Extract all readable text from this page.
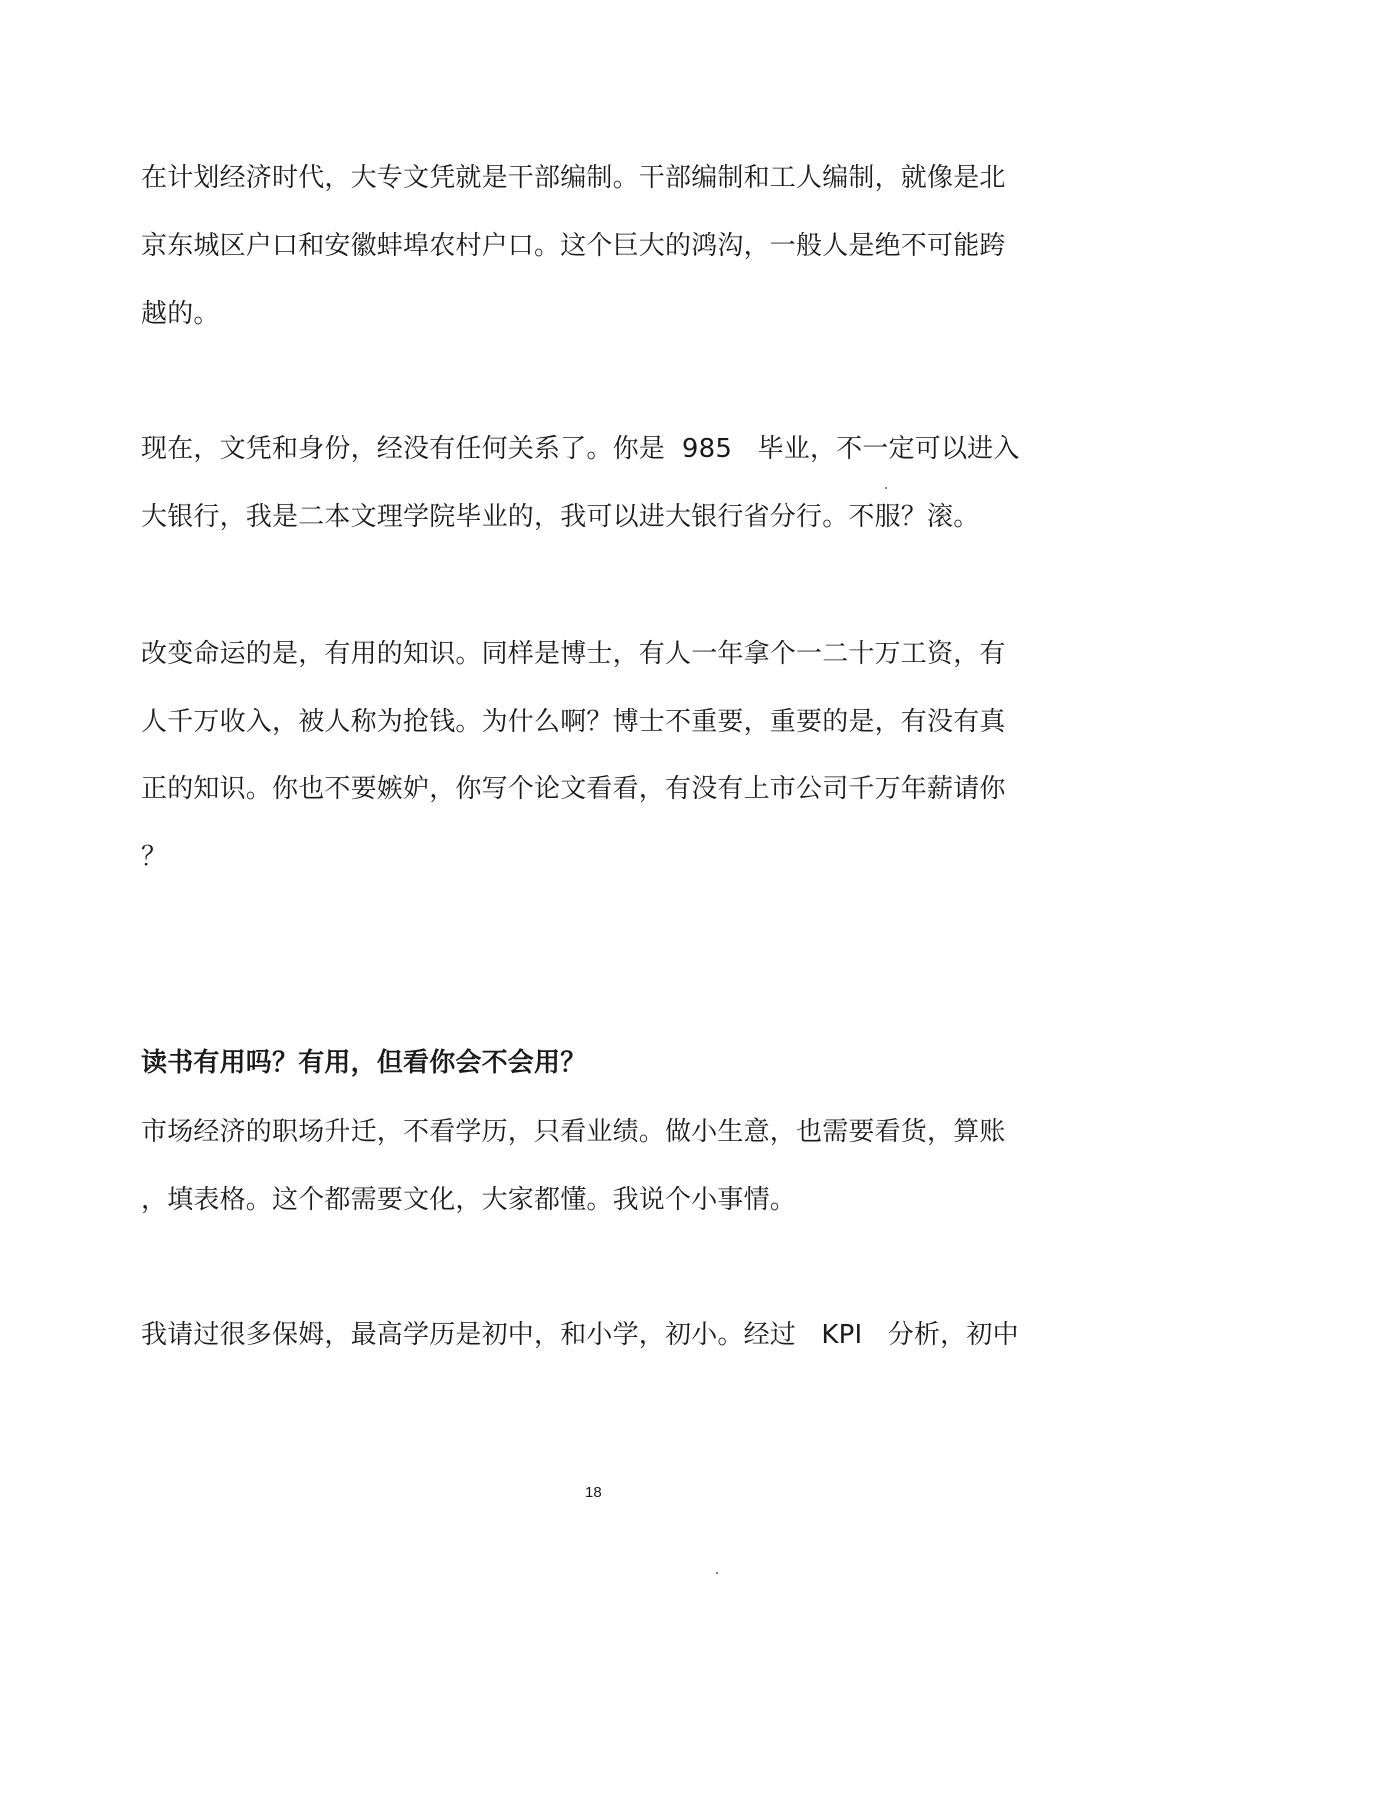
在计划经济时代，大专文凭就是干部编制。干部编制和工人编制，就像是北
京东城区户口和安徽蚌埠农村户口。这个巨大的鸿沟，一般人是绝不可能跨
越的。
现在，文凭和身份，经没有任何关系了。你是  985   毕业，不一定可以进入
大银行，我是二本文理学院毕业的，我可以进大银行省分行。不服？滚。
改变命运的是，有用的知识。同样是博士，有人一年拿个一二十万工资，有
人千万收入，被人称为抢钱。为什么啊？博士不重要，重要的是，有没有真
正的知识。你也不要嫉妒，你写个论文看看，有没有上市公司千万年薪请你
？
读书有用吗？有用，但看你会不会用？
市场经济的职场升迁，不看学历，只看业绩。做小生意，也需要看货，算账
，填表格。这个都需要文化，大家都懂。我说个小事情。
我请过很多保姆，最高学历是初中，和小学，初小。经过   KPI   分析，初中
18
